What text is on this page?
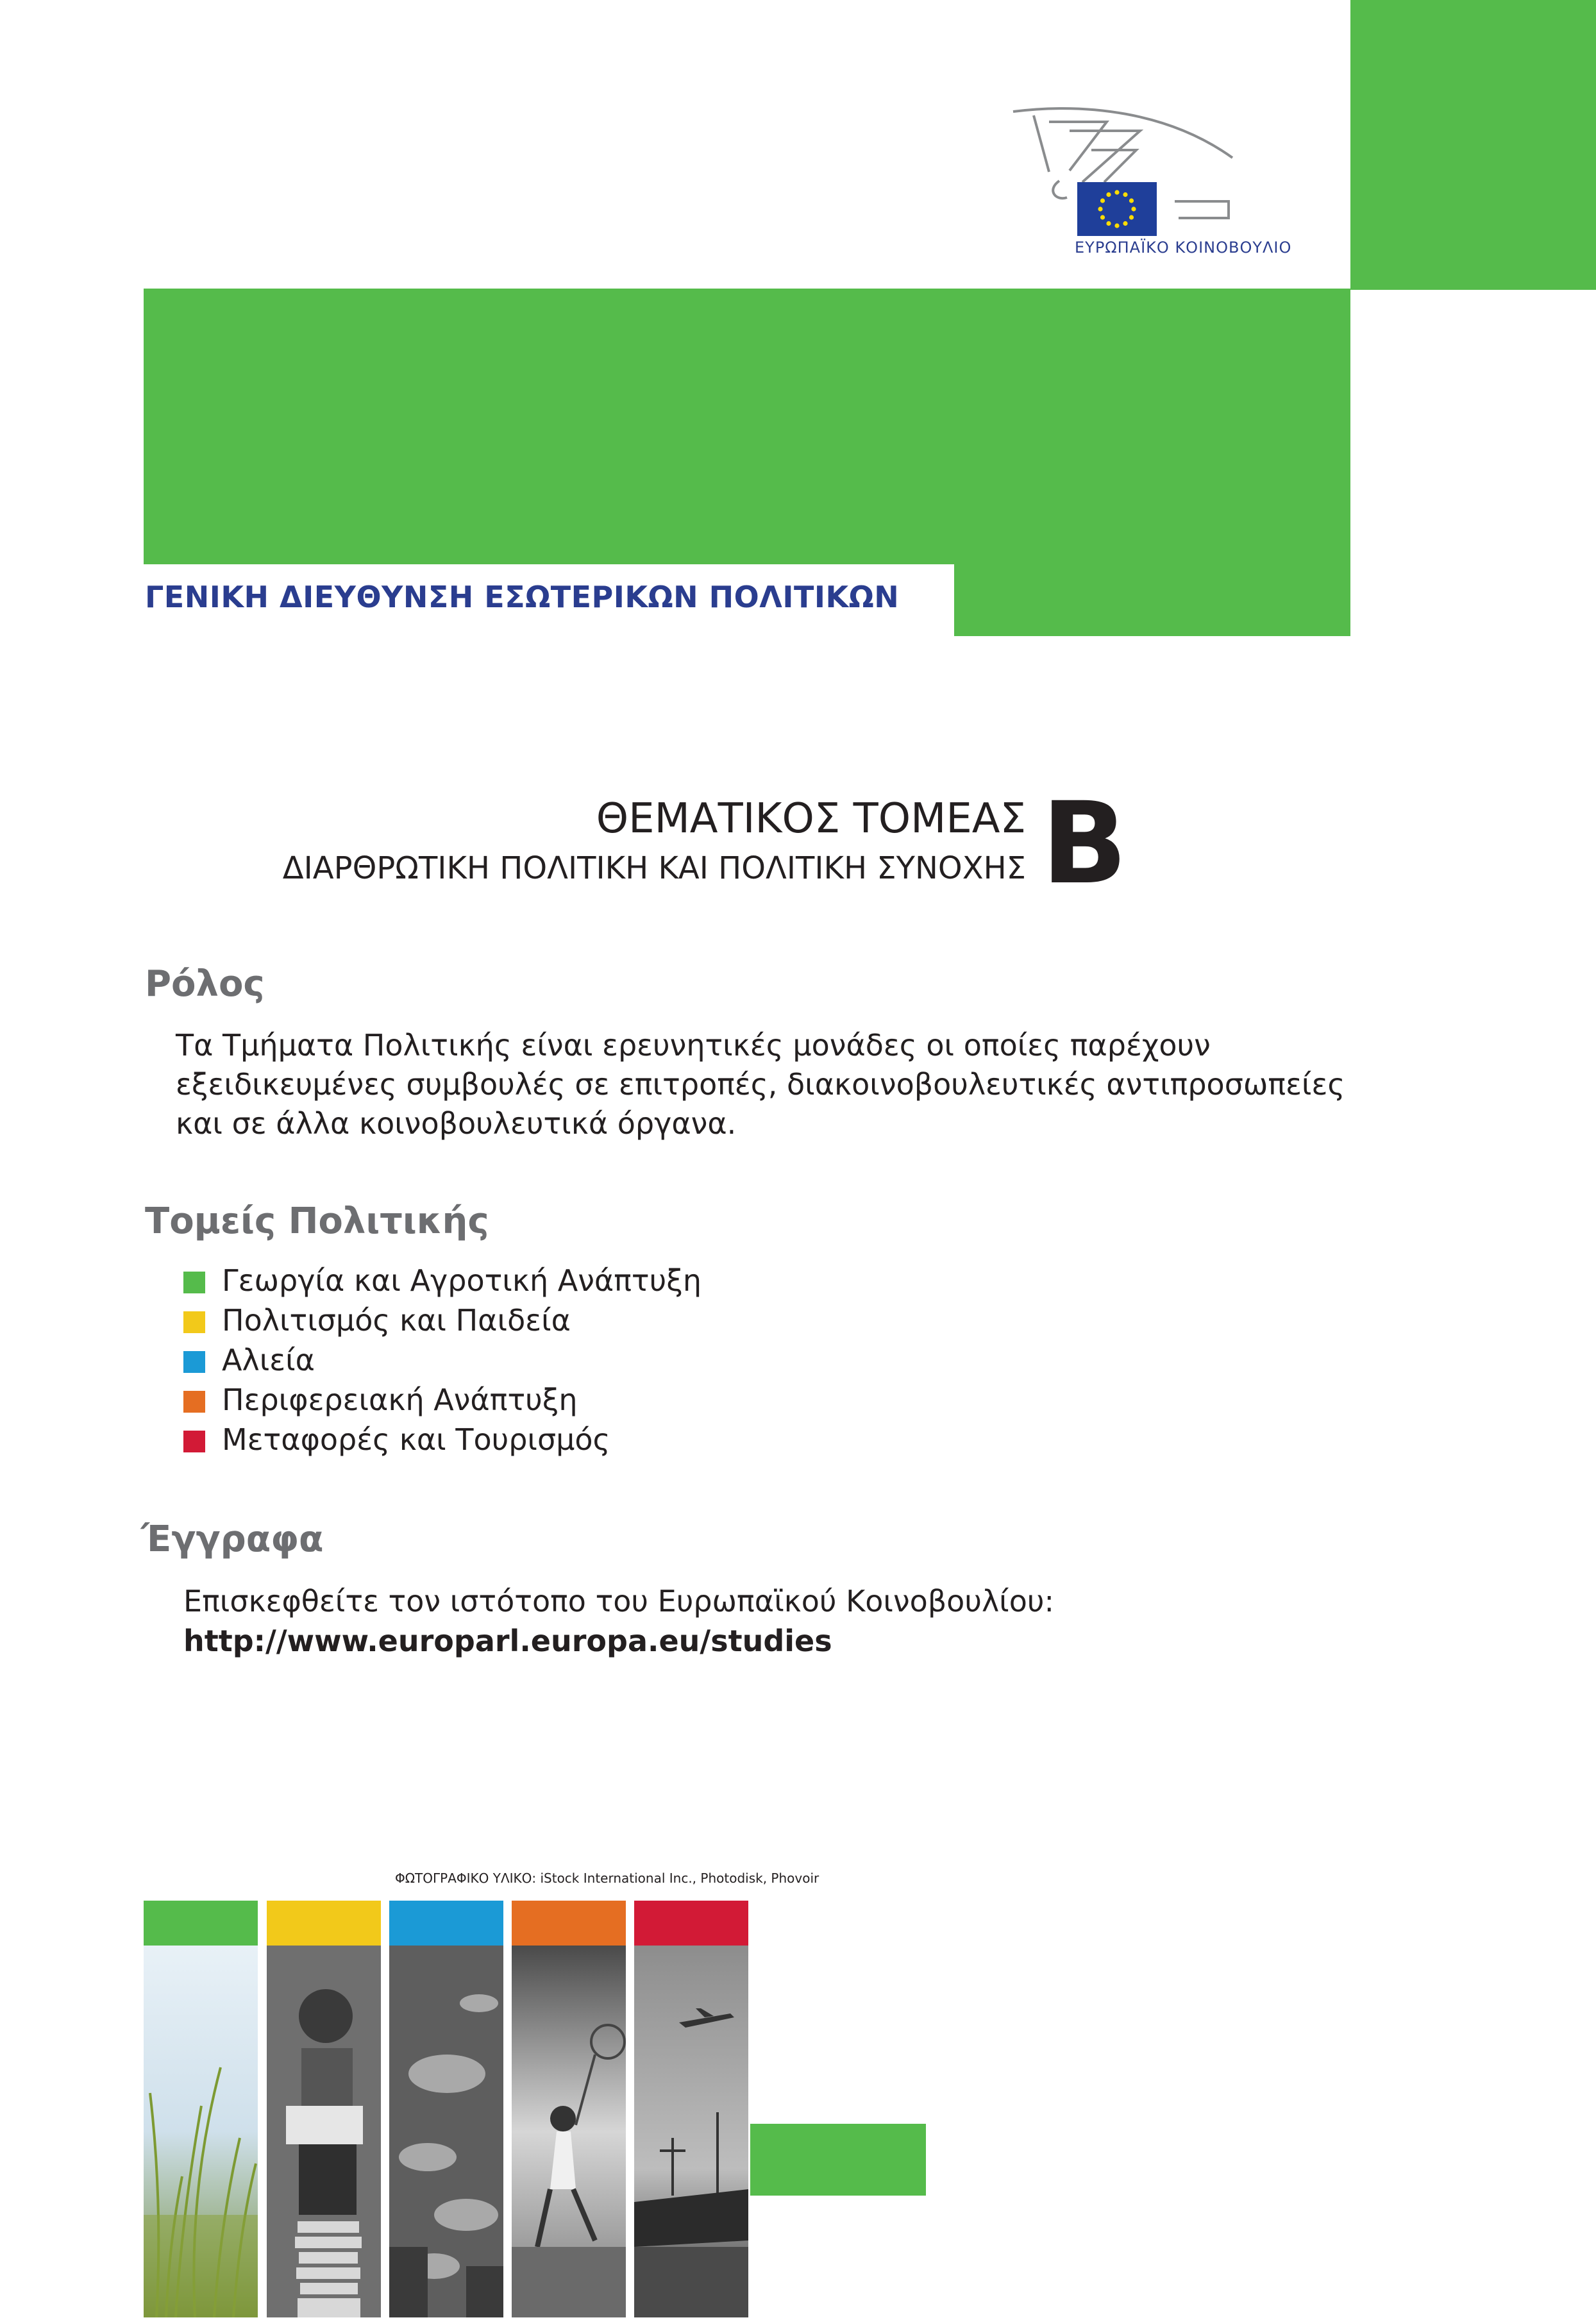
ΕΥΡΩΠΑΪΚΟ ΚΟΙΝΟΒΟΥΛΙΟ
ΓΕΝΙΚΗ ΔΙΕΥΘΥΝΣΗ ΕΣΩΤΕΡΙΚΩΝ ΠΟΛΙΤΙΚΩΝ
ΘΕΜΑΤΙΚΟΣ ΤΟΜΕΑΣ
ΔΙΑΡΘΡΩΤΙΚΗ ΠΟΛΙΤΙΚΗ ΚΑΙ ΠΟΛΙΤΙΚΗ ΣΥΝΟΧΗΣ B
Ρόλος
Τα Τμήματα Πολιτικής είναι ερευνητικές μονάδες οι οποίες παρέχουν
εξειδικευμένες συμβουλές σε επιτροπές, διακοινοβουλευτικές αντιπροσωπείες
και σε άλλα κοινοβουλευτικά όργανα.
Τομείς Πολιτικής
Γεωργία και Αγροτική Ανάπτυξη
Πολιτισμός και Παιδεία
Αλιεία
Περιφερειακή Ανάπτυξη
Μεταφορές και Τουρισμός
Έγγραφα
Επισκεφθείτε τον ιστότοπο του Ευρωπαϊκού Κοινοβουλίου:
http://www.europarl.europa.eu/studies
ΦΩΤΟΓΡΑΦΙΚΟ ΥΛΙΚΟ: iStock International Inc., Photodisk, Phovoir
